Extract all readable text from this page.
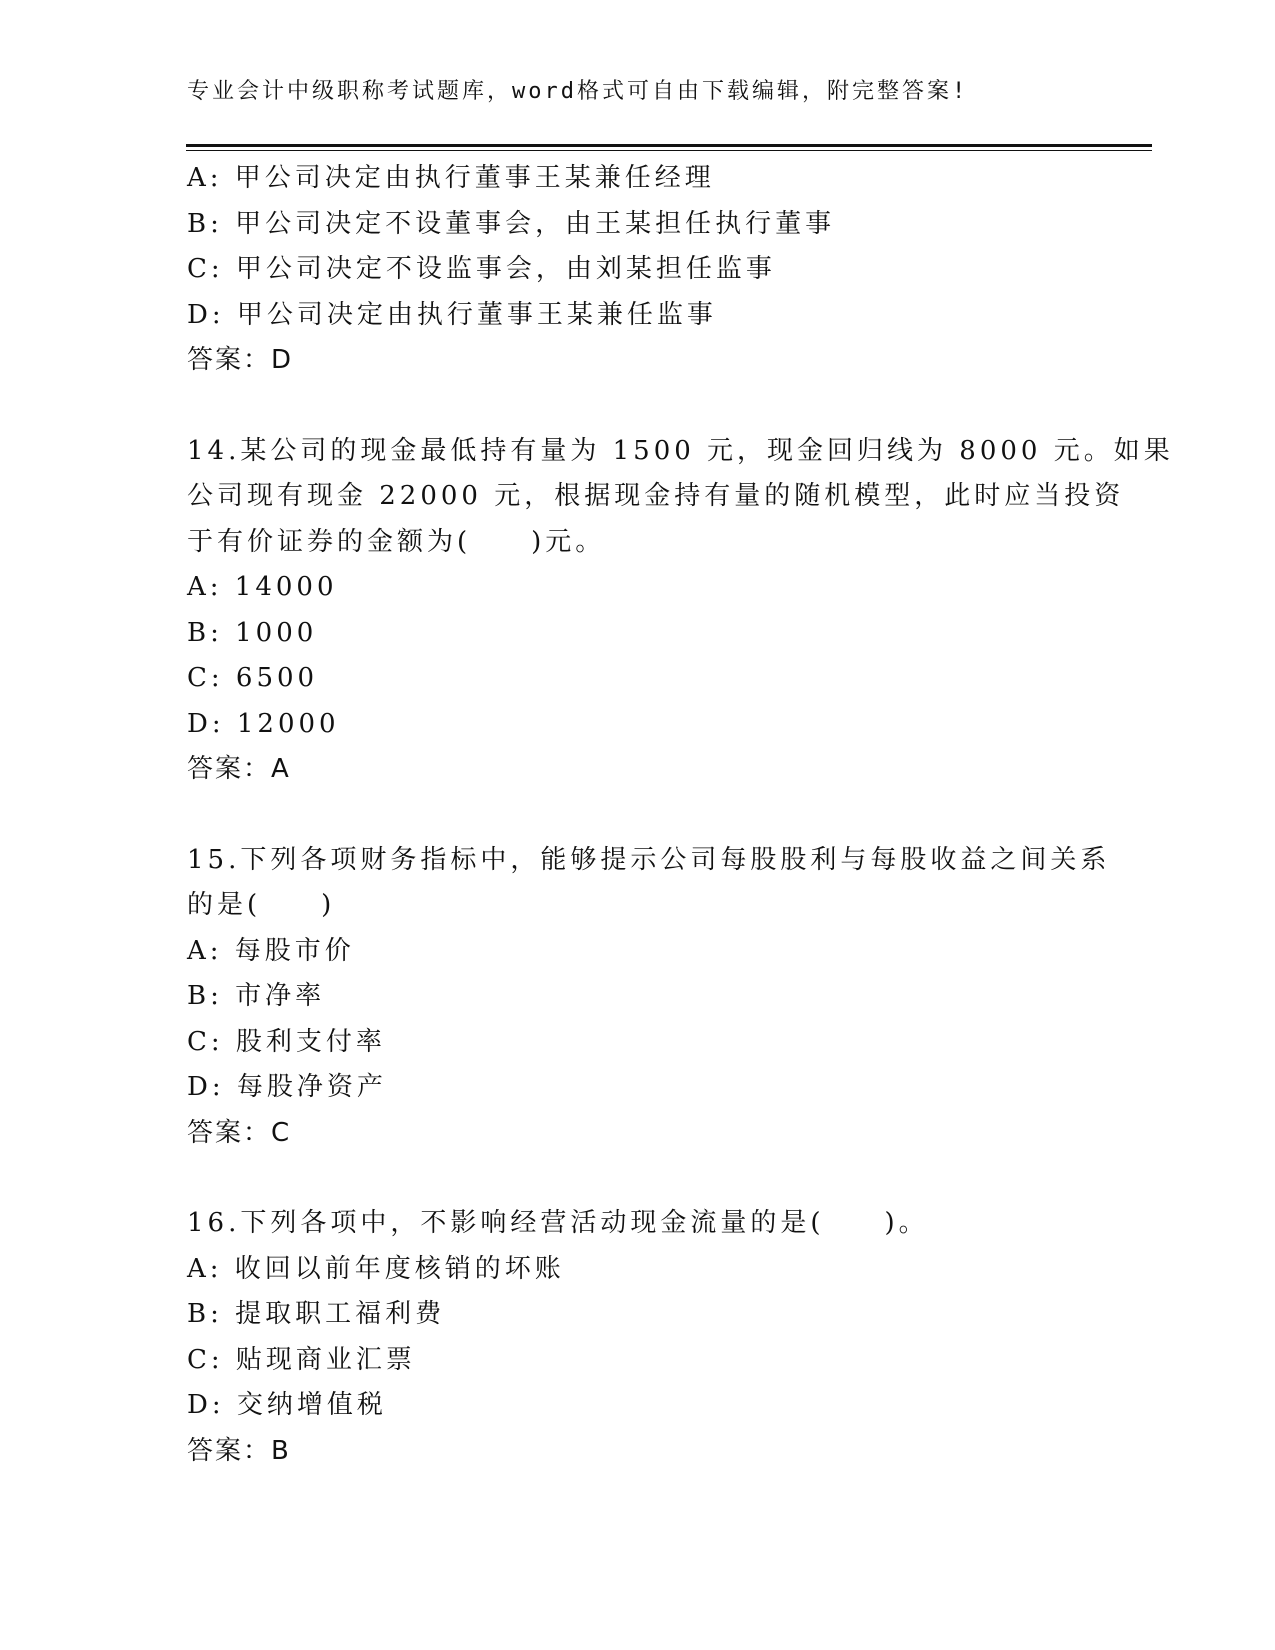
专业会计中级职称考试题库，word格式可自由下载编辑，附完整答案!
A: 甲公司决定由执行董事王某兼任经理
B: 甲公司决定不设董事会，由王某担任执行董事
C: 甲公司决定不设监事会，由刘某担任监事
D: 甲公司决定由执行董事王某兼任监事
答案：D
14.某公司的现金最低持有量为 1500 元，现金回归线为 8000 元。如果
公司现有现金 22000 元，根据现金持有量的随机模型，此时应当投资
于有价证券的金额为(　　)元。
A: 14000
B: 1000
C: 6500
D: 12000
答案：A
15.下列各项财务指标中，能够提示公司每股股利与每股收益之间关系
的是(　　)
A: 每股市价
B: 市净率
C: 股利支付率
D: 每股净资产
答案：C
16.下列各项中，不影响经营活动现金流量的是(　　)。
A: 收回以前年度核销的坏账
B: 提取职工福利费
C: 贴现商业汇票
D: 交纳增值税
答案：B
